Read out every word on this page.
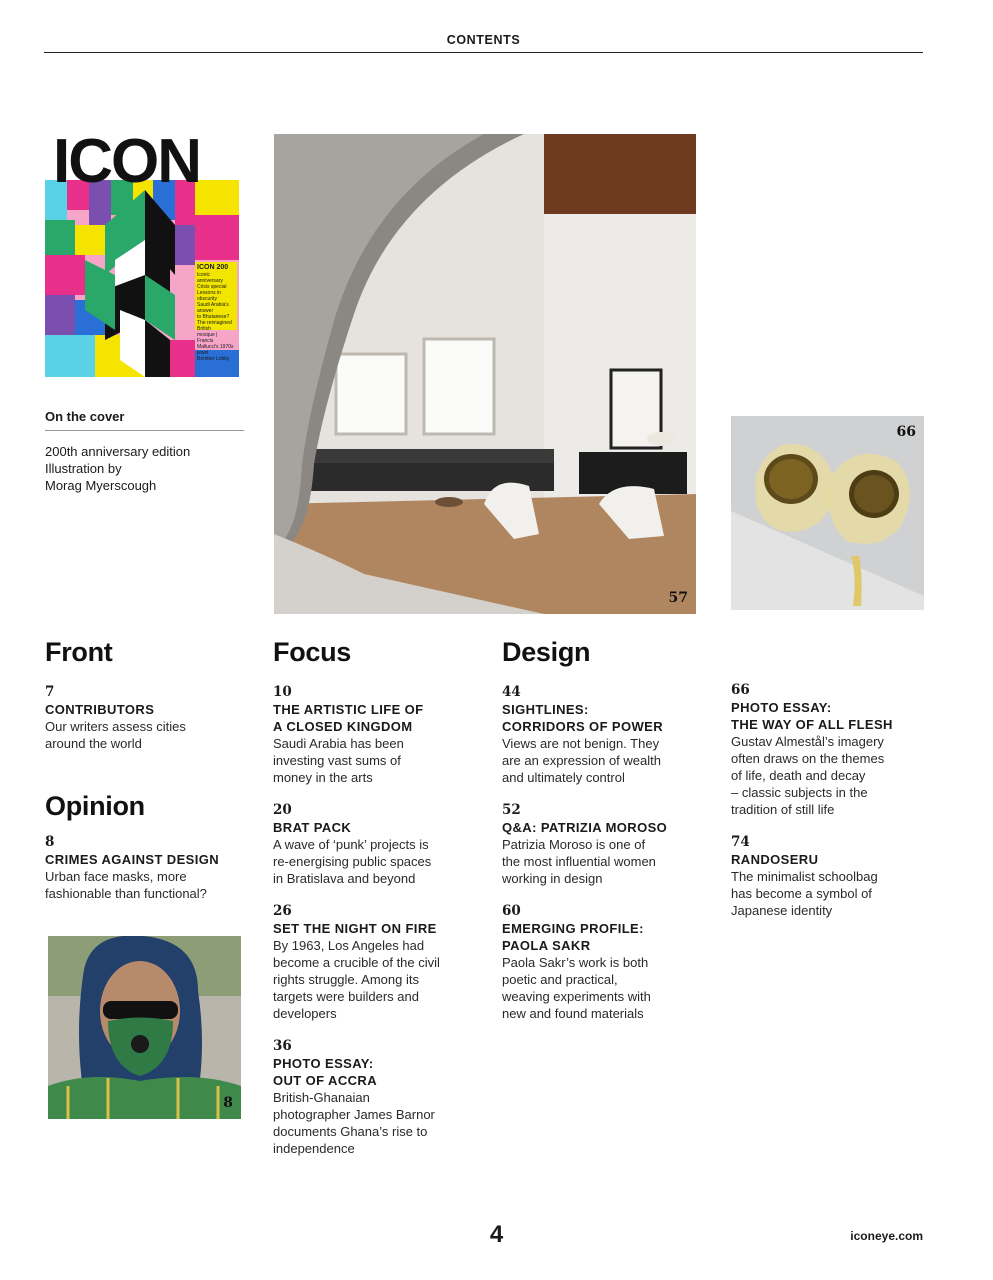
CONTENTS
ICON
ICON 200
Iconic anniversary
Crisis special
Lessons in obscurity
Saudi Arabia's answer
to Bhutanese?
The reimagined British
mosque | Francis
Mallucci's 1970s jewel
Bomber Lobby
On the cover
200th anniversary edition
Illustration by
Morag Myerscough
57
66
8
Front
7
CONTRIBUTORS
Our writers assess cities
around the world
Opinion
8
CRIMES AGAINST DESIGN
Urban face masks, more
fashionable than functional?
Focus
10
THE ARTISTIC LIFE OF
A CLOSED KINGDOM
Saudi Arabia has been
investing vast sums of
money in the arts
20
BRAT PACK
A wave of ‘punk’ projects is
re-energising public spaces
in Bratislava and beyond
26
SET THE NIGHT ON FIRE
By 1963, Los Angeles had
become a crucible of the civil
rights struggle. Among its
targets were builders and
developers
36
PHOTO ESSAY:
OUT OF ACCRA
British-Ghanaian
photographer James Barnor
documents Ghana’s rise to
independence
Design
44
SIGHTLINES:
CORRIDORS OF POWER
Views are not benign. They
are an expression of wealth
and ultimately control
52
Q&A: PATRIZIA MOROSO
Patrizia Moroso is one of
the most influential women
working in design
60
EMERGING PROFILE:
PAOLA SAKR
Paola Sakr’s work is both
poetic and practical,
weaving experiments with
new and found materials
66
PHOTO ESSAY:
THE WAY OF ALL FLESH
Gustav Almestål’s imagery
often draws on the themes
of life, death and decay
– classic subjects in the
tradition of still life
74
RANDOSERU
The minimalist schoolbag
has become a symbol of
Japanese identity
4	iconeye.com
